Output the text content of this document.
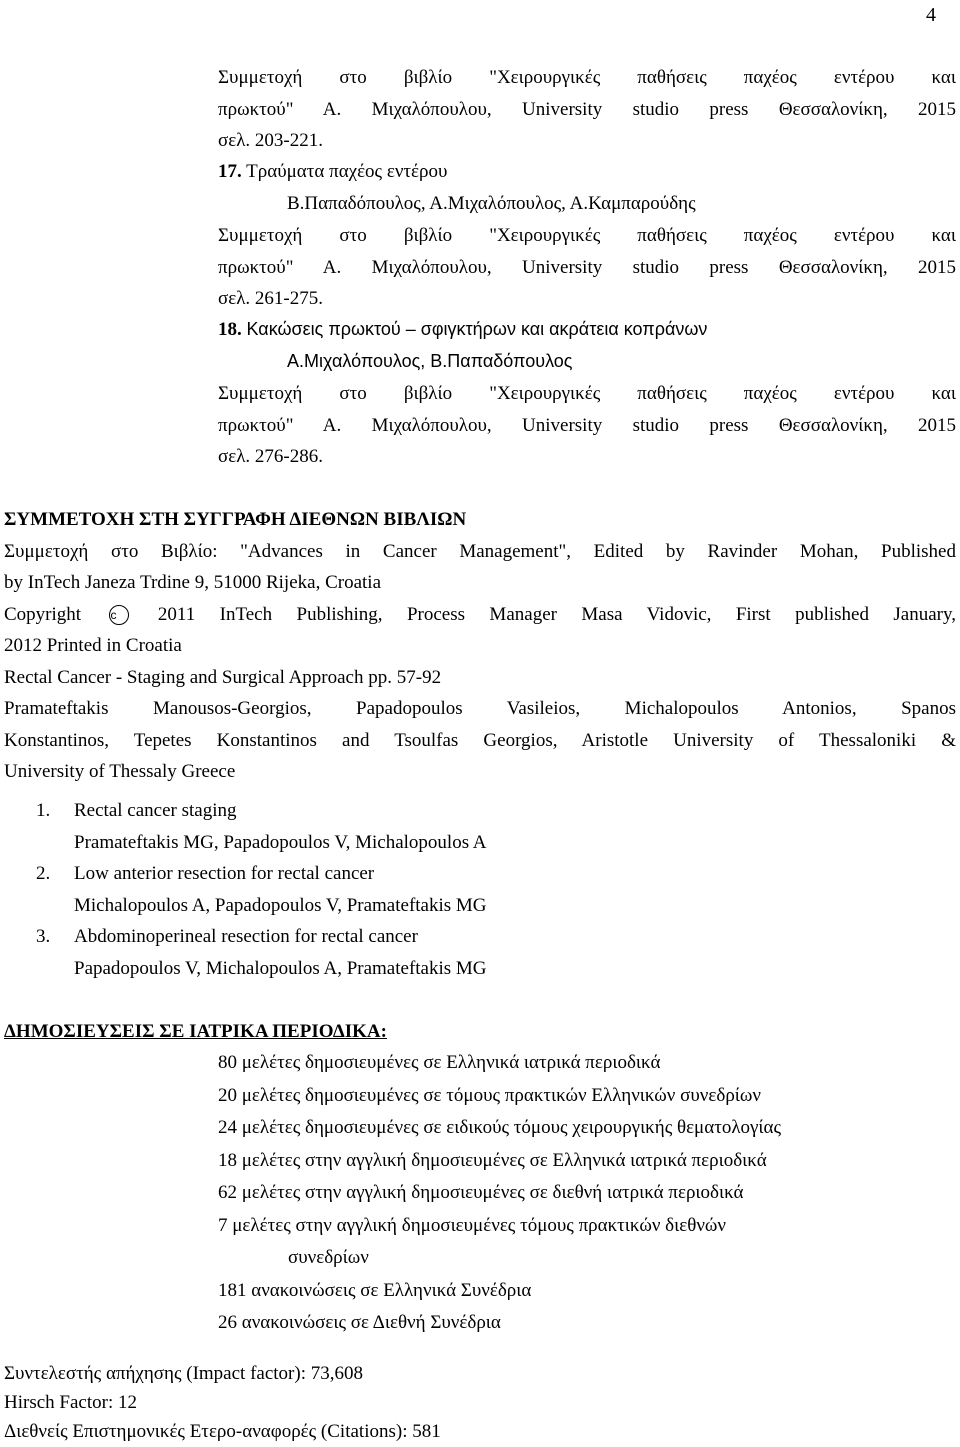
4
Συμμετοχή στο βιβλίο "Χειρουργικές παθήσεις παχέος εντέρου και
πρωκτού" Α. Μιχαλόπουλου, University studio press Θεσσαλονίκη, 2015
σελ. 203-221.
17. Τραύματα παχέος εντέρου
Β.Παπαδόπουλος, Α.Μιχαλόπουλος, Α.Καμπαρούδης
Συμμετοχή στο βιβλίο "Χειρουργικές παθήσεις παχέος εντέρου και
πρωκτού" Α. Μιχαλόπουλου, University studio press Θεσσαλονίκη, 2015
σελ. 261-275.
18. Κακώσεις πρωκτού – σφιγκτήρων και ακράτεια κοπράνων
Α.Μιχαλόπουλος, Β.Παπαδόπουλος
Συμμετοχή στο βιβλίο "Χειρουργικές παθήσεις παχέος εντέρου και
πρωκτού" Α. Μιχαλόπουλου, University studio press Θεσσαλονίκη, 2015
σελ. 276-286.
ΣΥΜΜΕΤΟΧΗ ΣΤΗ ΣΥΓΓΡΑΦΗ ΔΙΕΘΝΩΝ ΒΙΒΛΙΩΝ
Συμμετοχή στο Βιβλίο: "Advances in Cancer Management", Edited by Ravinder Mohan, Published
by InTech Janeza Trdine 9, 51000 Rijeka, Croatia
Copyright c 2011 InTech Publishing, Process Manager Masa Vidovic, First published January,
2012 Printed in Croatia
Rectal Cancer - Staging and Surgical Approach pp. 57-92
Pramateftakis Manousos-Georgios, Papadopoulos Vasileios, Michalopoulos Antonios, Spanos
Konstantinos, Tepetes Konstantinos and Tsoulfas Georgios, Aristotle University of Thessaloniki &
University of Thessaly Greece
1. Rectal cancer staging
Pramateftakis MG, Papadopoulos V, Michalopoulos A
2. Low anterior resection for rectal cancer
Michalopoulos A, Papadopoulos V, Pramateftakis MG
3. Abdominoperineal resection for rectal cancer
Papadopoulos V, Michalopoulos A, Pramateftakis MG
ΔΗΜΟΣΙΕΥΣΕΙΣ ΣΕ ΙΑΤΡΙΚΑ ΠΕΡΙΟΔΙΚΑ:
80 μελέτες δημοσιευμένες σε Ελληνικά ιατρικά περιοδικά
20 μελέτες δημοσιευμένες σε τόμους πρακτικών Ελληνικών συνεδρίων
24 μελέτες δημοσιευμένες σε ειδικούς τόμους χειρουργικής θεματολογίας
18 μελέτες στην αγγλική δημοσιευμένες σε Ελληνικά ιατρικά περιοδικά
62 μελέτες στην αγγλική δημοσιευμένες σε διεθνή ιατρικά περιοδικά
7 μελέτες στην αγγλική δημοσιευμένες τόμους πρακτικών διεθνών
συνεδρίων
181 ανακοινώσεις σε Ελληνικά Συνέδρια
26 ανακοινώσεις σε Διεθνή Συνέδρια
Συντελεστής απήχησης (Impact factor): 73,608
Hirsch Factor: 12
Διεθνείς Επιστημονικές Ετερο-αναφορές (Citations): 581
